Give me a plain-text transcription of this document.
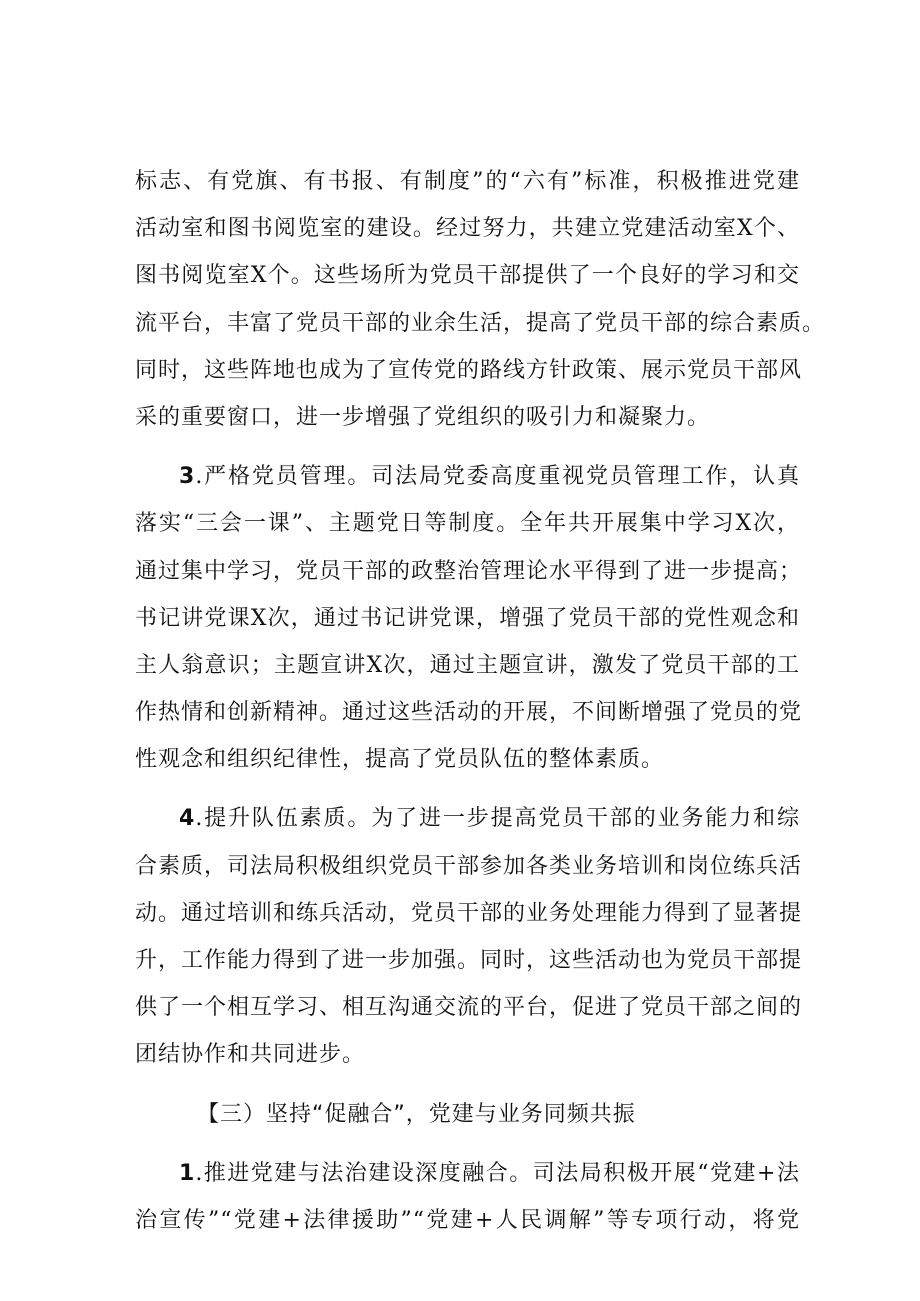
标志、有党旗、有书报、有制度”的“六有”标准，积极推进党建
活动室和图书阅览室的建设。经过努力，共建立党建活动室X个、
图书阅览室X个。这些场所为党员干部提供了一个良好的学习和交
流平台，丰富了党员干部的业余生活，提高了党员干部的综合素质。
同时，这些阵地也成为了宣传党的路线方针政策、展示党员干部风
采的重要窗口，进一步增强了党组织的吸引力和凝聚力。
3.严格党员管理。司法局党委高度重视党员管理工作，认真
落实“三会一课”、主题党日等制度。全年共开展集中学习X次，
通过集中学习，党员干部的政整治管理论水平得到了进一步提高；
书记讲党课X次，通过书记讲党课，增强了党员干部的党性观念和
主人翁意识；主题宣讲X次，通过主题宣讲，激发了党员干部的工
作热情和创新精神。通过这些活动的开展，不间断增强了党员的党
性观念和组织纪律性，提高了党员队伍的整体素质。
4.提升队伍素质。为了进一步提高党员干部的业务能力和综
合素质，司法局积极组织党员干部参加各类业务培训和岗位练兵活
动。通过培训和练兵活动，党员干部的业务处理能力得到了显著提
升，工作能力得到了进一步加强。同时，这些活动也为党员干部提
供了一个相互学习、相互沟通交流的平台，促进了党员干部之间的
团结协作和共同进步。
【三）坚持“促融合”，党建与业务同频共振
1.推进党建与法治建设深度融合。司法局积极开展“党建+法
治宣传”“党建+法律援助”“党建+人民调解”等专项行动，将党
